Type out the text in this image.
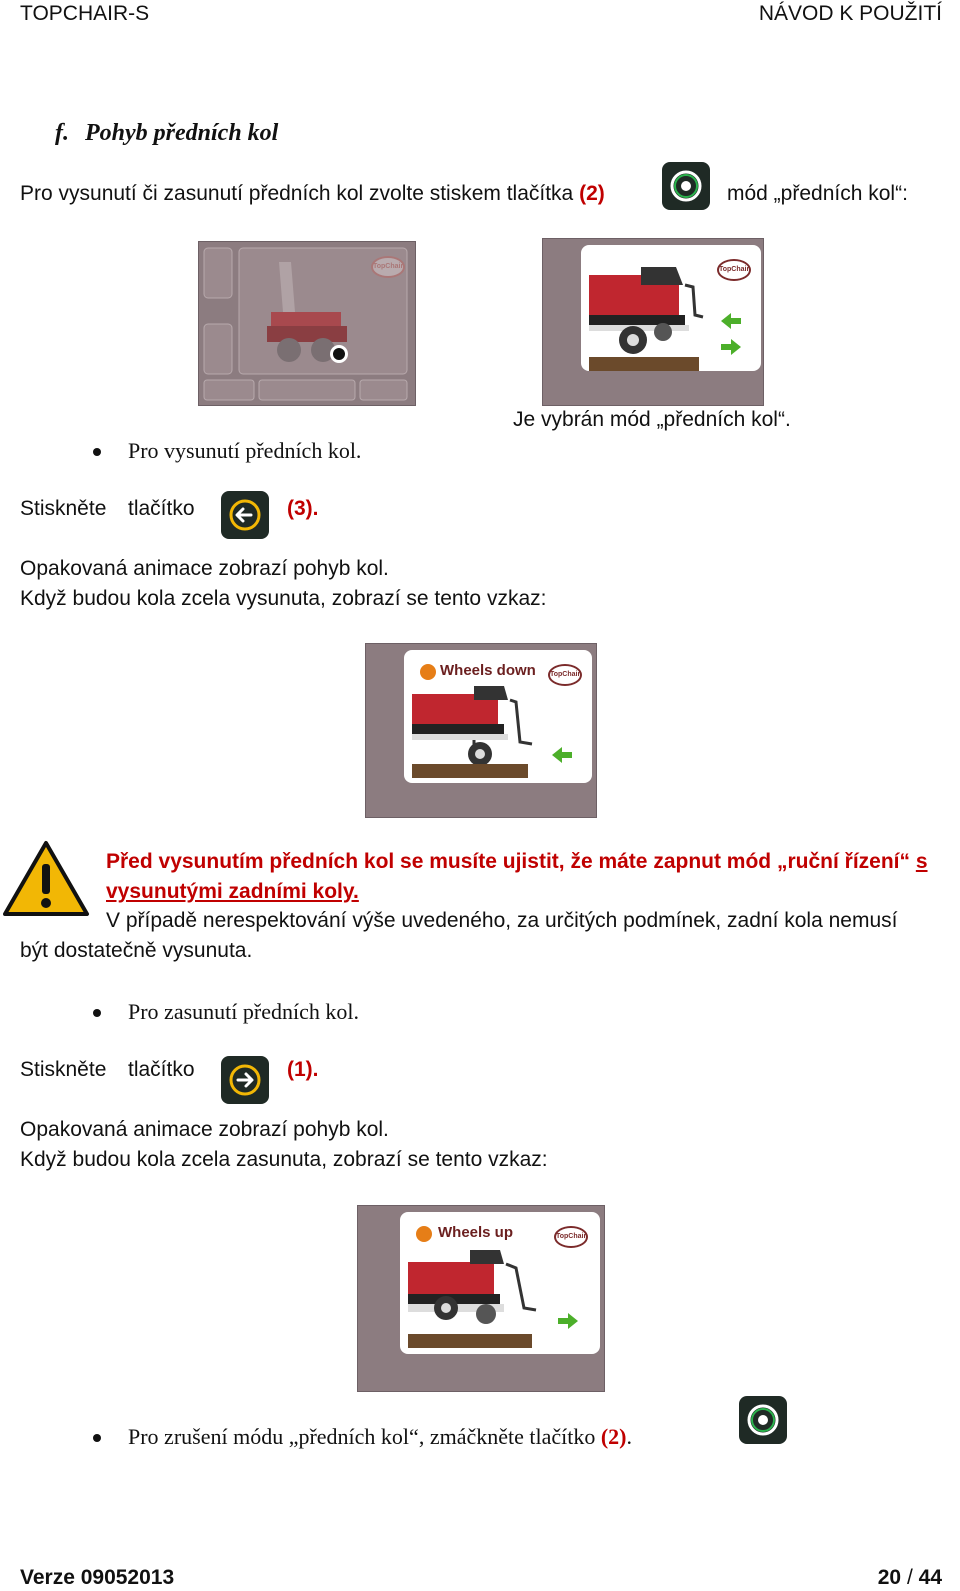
TOPCHAIR-S	NÁVOD K POUŽITÍ
f. Pohyb předních kol
Pro vysunutí či zasunutí předních kol zvolte stiskem tlačítka (2)	mód „předních kol“:
TopChair	TopChair
Je vybrán mód „předních kol“.
Pro vysunutí předních kol.
Stiskněte tlačítko	(3).
Opakovaná animace zobrazí pohyb kol.
Když budou kola zcela vysunuta, zobrazí se tento vzkaz:
Wheels down TopChair
Před vysunutím předních kol se musíte ujistit, že máte zapnut mód „ruční řízení“ s
vysunutými zadními koly.
V případě nerespektování výše uvedeného, za určitých podmínek, zadní kola nemusí
být dostatečně vysunuta.
Pro zasunutí předních kol.
Stiskněte tlačítko	(1).
Opakovaná animace zobrazí pohyb kol.
Když budou kola zcela zasunuta, zobrazí se tento vzkaz:
Wheels up	TopChair
Pro zrušení módu „předních kol“, zmáčkněte tlačítko (2).
Verze 09052013	20 / 44
